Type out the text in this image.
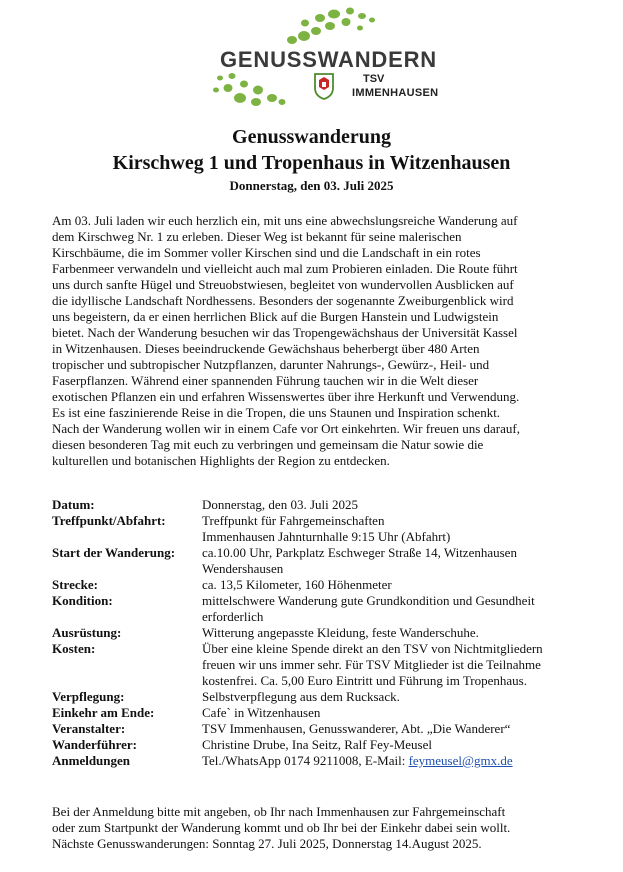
GENUSSWANDERN
TSV
IMMENHAUSEN
Genusswanderung
Kirschweg 1 und Tropenhaus in Witzenhausen
Donnerstag, den 03. Juli 2025
Am 03. Juli laden wir euch herzlich ein, mit uns eine abwechslungsreiche Wanderung auf
dem Kirschweg Nr. 1 zu erleben. Dieser Weg ist bekannt für seine malerischen
Kirschbäume, die im Sommer voller Kirschen sind und die Landschaft in ein rotes
Farbenmeer verwandeln und vielleicht auch mal zum Probieren einladen. Die Route führt
uns durch sanfte Hügel und Streuobstwiesen, begleitet von wundervollen Ausblicken auf
die idyllische Landschaft Nordhessens. Besonders der sogenannte Zweiburgenblick wird
uns begeistern, da er einen herrlichen Blick auf die Burgen Hanstein und Ludwigstein
bietet. Nach der Wanderung besuchen wir das Tropengewächshaus der Universität Kassel
in Witzenhausen. Dieses beeindruckende Gewächshaus beherbergt über 480 Arten
tropischer und subtropischer Nutzpflanzen, darunter Nahrungs-, Gewürz-, Heil- und
Faserpflanzen. Während einer spannenden Führung tauchen wir in die Welt dieser
exotischen Pflanzen ein und erfahren Wissenswertes über ihre Herkunft und Verwendung.
Es ist eine faszinierende Reise in die Tropen, die uns Staunen und Inspiration schenkt.
Nach der Wanderung wollen wir in einem Cafe vor Ort einkehrten. Wir freuen uns darauf,
diesen besonderen Tag mit euch zu verbringen und gemeinsam die Natur sowie die
kulturellen und botanischen Highlights der Region zu entdecken.
Datum:	Donnerstag, den 03. Juli 2025
Treffpunkt/Abfahrt:	Treffpunkt für Fahrgemeinschaften
Immenhausen Jahnturnhalle 9:15 Uhr (Abfahrt)
Start der Wanderung:	ca.10.00 Uhr, Parkplatz Eschweger Straße 14, Witzenhausen
Wendershausen
Strecke:	ca. 13,5 Kilometer, 160 Höhenmeter
Kondition:	mittelschwere Wanderung gute Grundkondition und Gesundheit
erforderlich
Ausrüstung:	Witterung angepasste Kleidung, feste Wanderschuhe.
Kosten:	Über eine kleine Spende direkt an den TSV von Nichtmitgliedern
freuen wir uns immer sehr. Für TSV Mitglieder ist die Teilnahme
kostenfrei. Ca. 5,00 Euro Eintritt und Führung im Tropenhaus.
Verpflegung:	Selbstverpflegung aus dem Rucksack.
Einkehr am Ende:	Cafe` in Witzenhausen
Veranstalter:	TSV Immenhausen, Genusswanderer, Abt. „Die Wanderer“
Wanderführer:	Christine Drube, Ina Seitz, Ralf Fey-Meusel
Anmeldungen	Tel./WhatsApp 0174 9211008, E-Mail: feymeusel@gmx.de
Bei der Anmeldung bitte mit angeben, ob Ihr nach Immenhausen zur Fahrgemeinschaft
oder zum Startpunkt der Wanderung kommt und ob Ihr bei der Einkehr dabei sein wollt.
Nächste Genusswanderungen: Sonntag 27. Juli 2025, Donnerstag 14.August 2025.
